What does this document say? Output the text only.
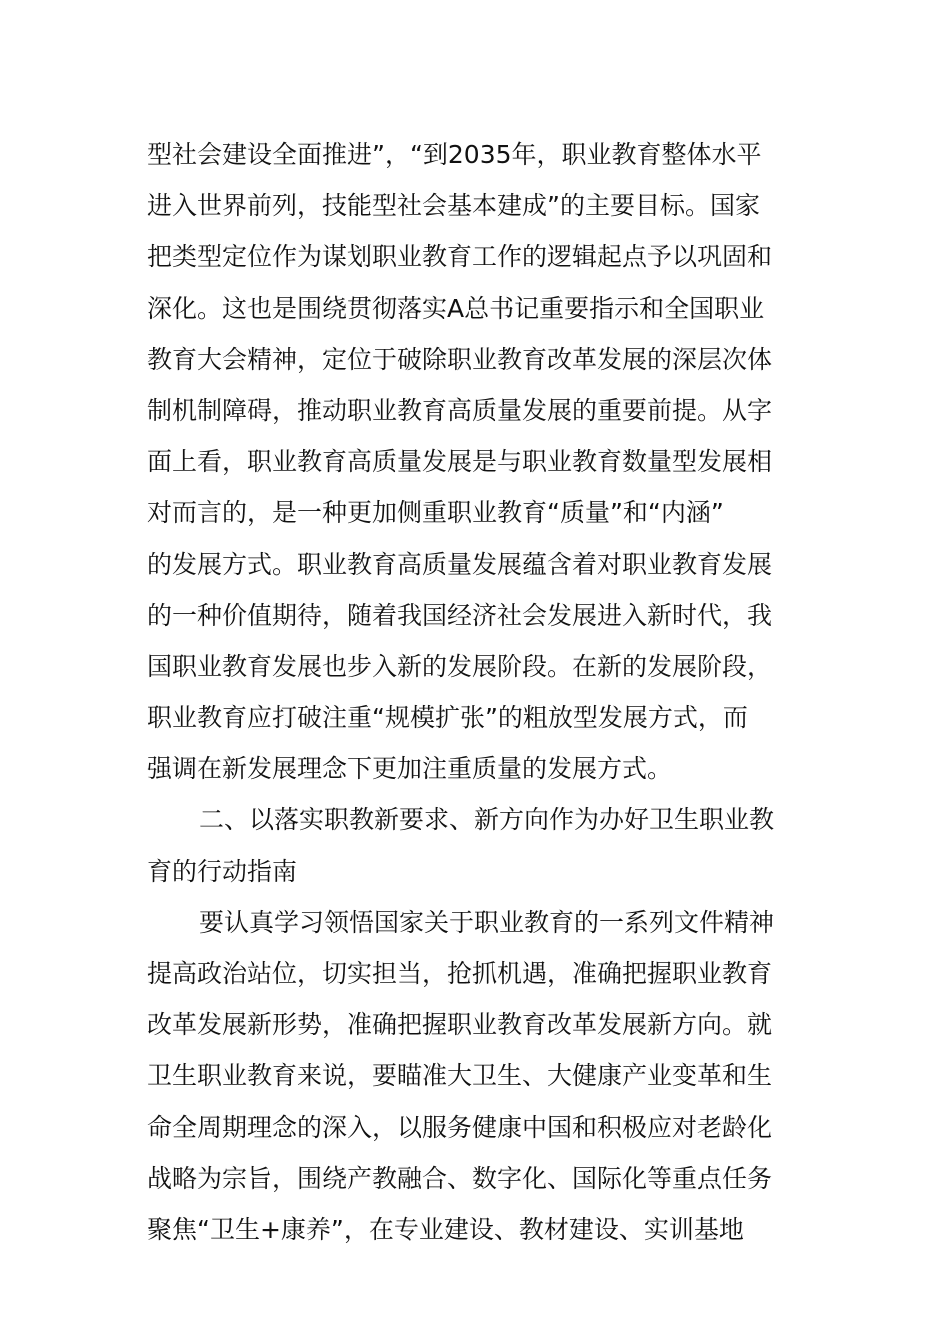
型社会建设全面推进”，“到2035年，职业教育整体水平
进入世界前列，技能型社会基本建成”的主要目标。国家
把类型定位作为谋划职业教育工作的逻辑起点予以巩固和
深化。这也是围绕贯彻落实A总书记重要指示和全国职业
教育大会精神，定位于破除职业教育改革发展的深层次体
制机制障碍，推动职业教育高质量发展的重要前提。从字
面上看，职业教育高质量发展是与职业教育数量型发展相
对而言的，是一种更加侧重职业教育“质量”和“内涵”
的发展方式。职业教育高质量发展蕴含着对职业教育发展
的一种价值期待，随着我国经济社会发展进入新时代，我
国职业教育发展也步入新的发展阶段。在新的发展阶段，
职业教育应打破注重“规模扩张”的粗放型发展方式，而
强调在新发展理念下更加注重质量的发展方式。
二、以落实职教新要求、新方向作为办好卫生职业教
育的行动指南
要认真学习领悟国家关于职业教育的一系列文件精神
提高政治站位，切实担当，抢抓机遇，准确把握职业教育
改革发展新形势，准确把握职业教育改革发展新方向。就
卫生职业教育来说，要瞄准大卫生、大健康产业变革和生
命全周期理念的深入，以服务健康中国和积极应对老龄化
战略为宗旨，围绕产教融合、数字化、国际化等重点任务
聚焦“卫生+康养”，在专业建设、教材建设、实训基地
